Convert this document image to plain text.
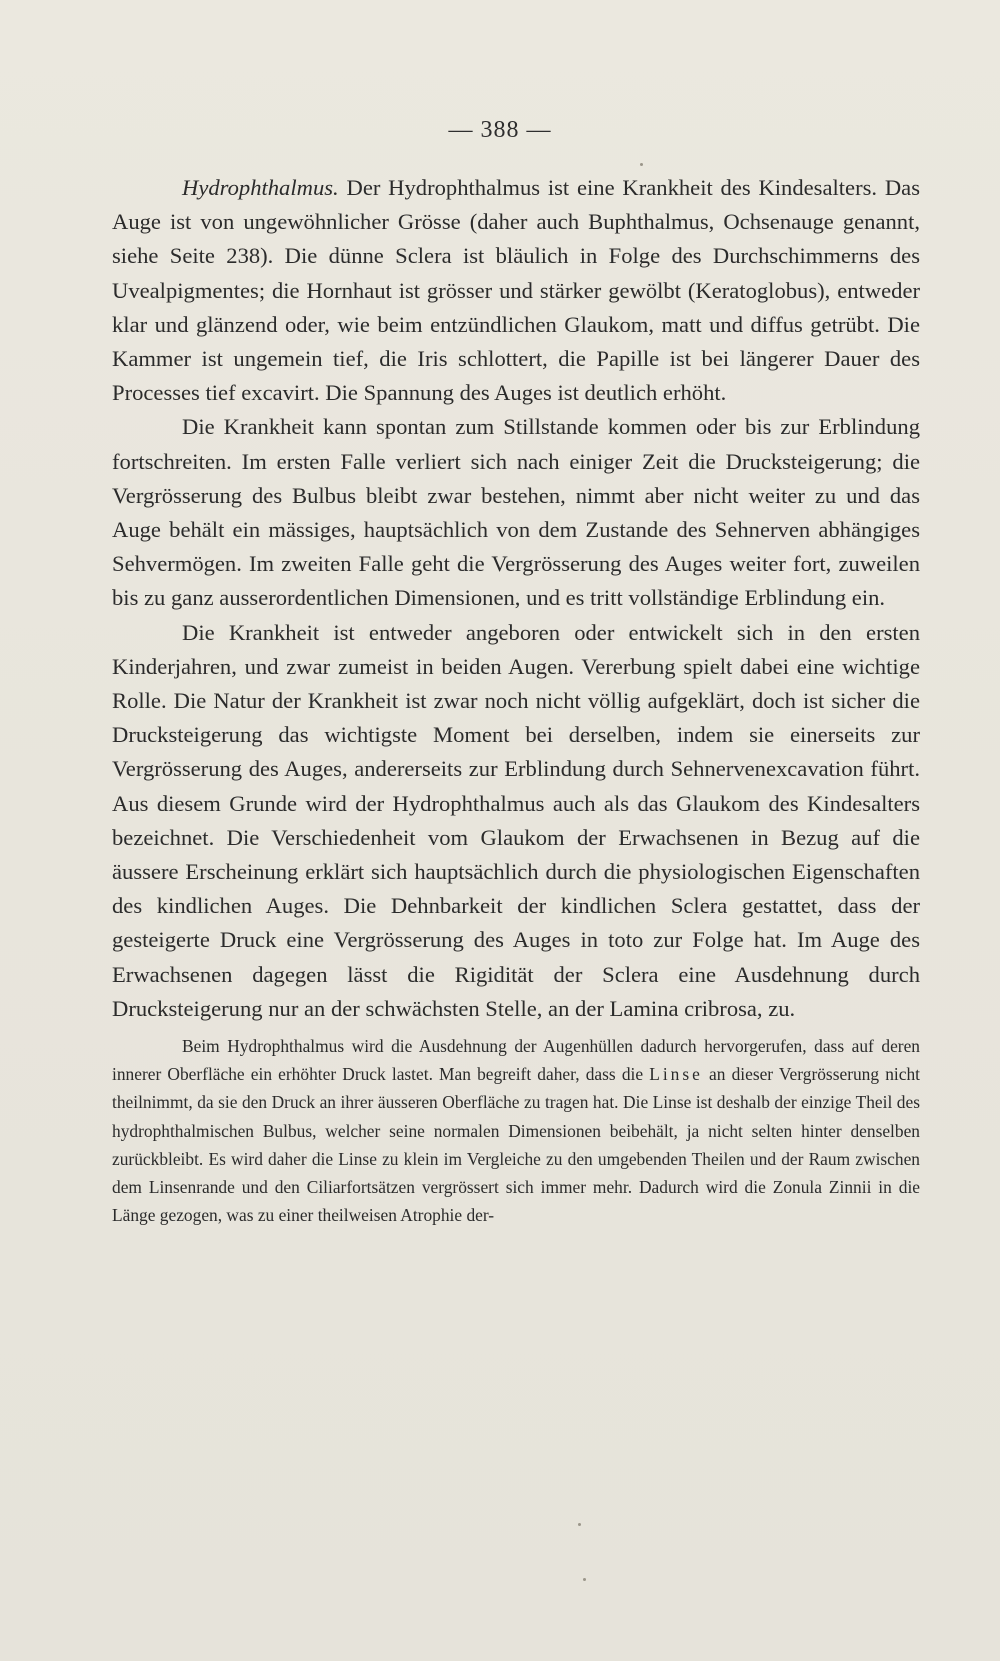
— 388 —

Hydrophthalmus. Der Hydrophthalmus ist eine Krankheit des Kindesalters. Das Auge ist von ungewöhnlicher Grösse (daher auch Buphthalmus, Ochsenauge genannt, siehe Seite 238). Die dünne Sclera ist bläulich in Folge des Durchschimmerns des Uvealpigmentes; die Hornhaut ist grösser und stärker gewölbt (Keratoglobus), entweder klar und glänzend oder, wie beim entzündlichen Glaukom, matt und diffus getrübt. Die Kammer ist ungemein tief, die Iris schlottert, die Papille ist bei längerer Dauer des Processes tief excavirt. Die Spannung des Auges ist deutlich erhöht.

Die Krankheit kann spontan zum Stillstande kommen oder bis zur Erblindung fortschreiten. Im ersten Falle verliert sich nach einiger Zeit die Drucksteigerung; die Vergrösserung des Bulbus bleibt zwar bestehen, nimmt aber nicht weiter zu und das Auge behält ein mässiges, hauptsächlich von dem Zustande des Sehnerven abhängiges Sehvermögen. Im zweiten Falle geht die Vergrösserung des Auges weiter fort, zuweilen bis zu ganz ausserordentlichen Dimensionen, und es tritt vollständige Erblindung ein.

Die Krankheit ist entweder angeboren oder entwickelt sich in den ersten Kinderjahren, und zwar zumeist in beiden Augen. Vererbung spielt dabei eine wichtige Rolle. Die Natur der Krankheit ist zwar noch nicht völlig aufgeklärt, doch ist sicher die Drucksteigerung das wichtigste Moment bei derselben, indem sie einerseits zur Vergrösserung des Auges, andererseits zur Erblindung durch Sehnervenexcavation führt. Aus diesem Grunde wird der Hydrophthalmus auch als das Glaukom des Kindesalters bezeichnet. Die Verschiedenheit vom Glaukom der Erwachsenen in Bezug auf die äussere Erscheinung erklärt sich hauptsächlich durch die physiologischen Eigenschaften des kindlichen Auges. Die Dehnbarkeit der kindlichen Sclera gestattet, dass der gesteigerte Druck eine Vergrösserung des Auges in toto zur Folge hat. Im Auge des Erwachsenen dagegen lässt die Rigidität der Sclera eine Ausdehnung durch Drucksteigerung nur an der schwächsten Stelle, an der Lamina cribrosa, zu.

Beim Hydrophthalmus wird die Ausdehnung der Augenhüllen dadurch hervorgerufen, dass auf deren innerer Oberfläche ein erhöhter Druck lastet. Man begreift daher, dass die Linse an dieser Vergrösserung nicht theilnimmt, da sie den Druck an ihrer äusseren Oberfläche zu tragen hat. Die Linse ist deshalb der einzige Theil des hydrophthalmischen Bulbus, welcher seine normalen Dimensionen beibehält, ja nicht selten hinter denselben zurückbleibt. Es wird daher die Linse zu klein im Vergleiche zu den umgebenden Theilen und der Raum zwischen dem Linsenrande und den Ciliarfortsätzen vergrössert sich immer mehr. Dadurch wird die Zonula Zinnii in die Länge gezogen, was zu einer theilweisen Atrophie der-
